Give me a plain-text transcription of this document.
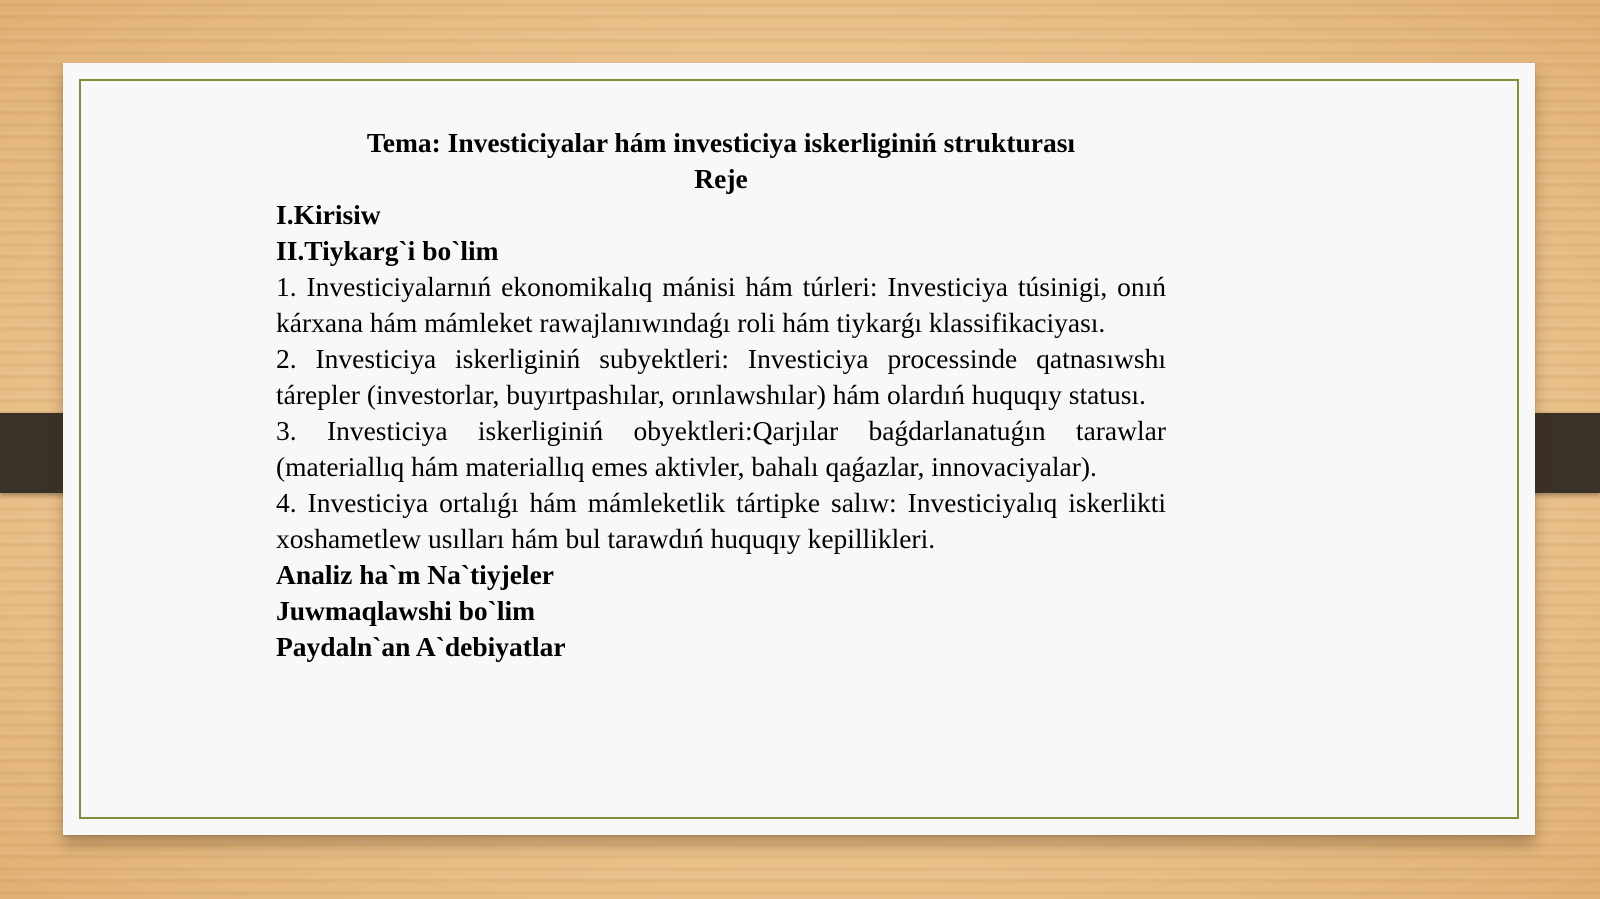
Tema: Investiciyalar hám investiciya iskerliginiń strukturası

Reje

I.Kirisiw

II.Tiykarg`i bo`lim

1. Investiciyalarnıń ekonomikalıq mánisi hám túrleri: Investiciya túsinigi, onıń kárxana hám mámleket rawajlanıwındaǵı roli hám tiykarǵı klassifikaciyası.

2. Investiciya iskerliginiń subyektleri: Investiciya processinde qatnasıwshı tárepler (investorlar, buyırtpashılar, orınlawshılar) hám olardıń huquqıy statusı.

3. Investiciya iskerliginiń obyektleri:Qarjılar baǵdarlanatuǵın tarawlar (materiallıq hám materiallıq emes aktivler, bahalı qaǵazlar, innovaciyalar).

4. Investiciya ortalıǵı hám mámleketlik tártipke salıw: Investiciyalıq iskerlikti xoshametlew usılları hám bul tarawdıń huquqıy kepillikleri.

Analiz ha`m Na`tiyjeler

Juwmaqlawshi bo`lim

Paydaln`an A`debiyatlar
